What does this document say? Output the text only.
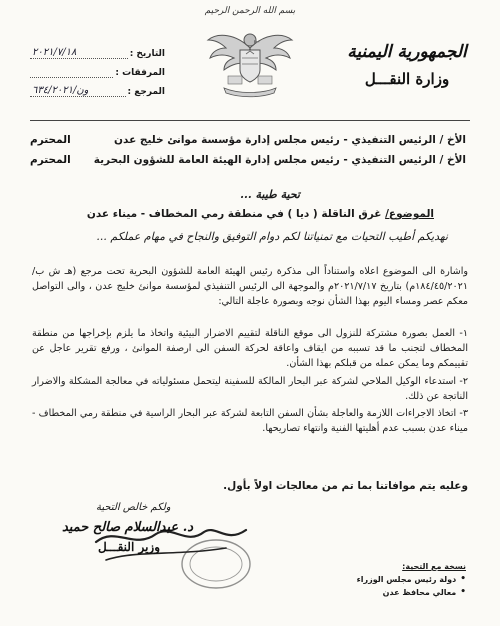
الجمهورية اليمنية
وزارة النقـــل
بسم الله الرحمن الرحيم
التاريخ :
٢٠٢١/٧/١٨
المرفقات :
المرجع :
ون/٦٣٤/٢٠٢١
الأخ / الرئيس التنفيذي - رئيس مجلس إدارة مؤسسة موانئ خليج عدن
المحترم
الأخ / الرئيس التنفيذي - رئيس مجلس إدارة الهيئة العامة للشؤون البحرية
المحترم
تحية طيبة ...
الموضوع/ غرق الناقلة ( ديا ) في منطقة رمي المخطاف - ميناء عدن
نهديكم أطيب التحيات مع تمنياتنا لكم دوام التوفيق والنجاح في مهام عملكم ...
واشارة الى الموضوع اعلاه واستناداً الى مذكرة رئيس الهيئة العامة للشؤون البحرية تحت مرجع (هـ ش ب/١٨٤/٤٥/٢٠٢١م) بتاريخ ٢٠٢١/٧/١٧م والموجهة الى الرئيس التنفيذي لمؤسسة موانئ خليج عدن ، والى التواصل معكم عصر ومساء اليوم بهذا الشأن نوجه وبصورة عاجلة التالي:
١- العمل بصورة مشتركة للنزول الى موقع الناقلة لتقييم الاضرار البيئية واتخاذ ما يلزم بإخراجها من منطقة المخطاف لتجنب ما قد تسببه من ايقاف واعاقة لحركة السفن الى ارصفة الموانئ ، ورفع تقرير عاجل عن تقييمكم وما يمكن عمله من قبلكم بهذا الشأن.
٢- استدعاء الوكيل الملاحي لشركة عبر البحار المالكة للسفينة ليتحمل مسئولياته في معالجة المشكلة والاضرار الناتجة عن ذلك.
٣- اتخاذ الاجراءات اللازمة والعاجلة بشأن السفن التابعة لشركة عبر البحار الراسية في منطقة رمي المخطاف - ميناء عدن بسبب عدم أهليتها الفنية وانتهاء تصاريحها.
وعليه يتم موافاتنا بما تم من معالجات اولاً بأول.
ولكم خالص التحية
د. عبدالسلام صالح حميد
وزير النقـــل
نسخة مع التحية:
•
دولة رئيس مجلس الوزراء
•
معالي محافظ عدن
